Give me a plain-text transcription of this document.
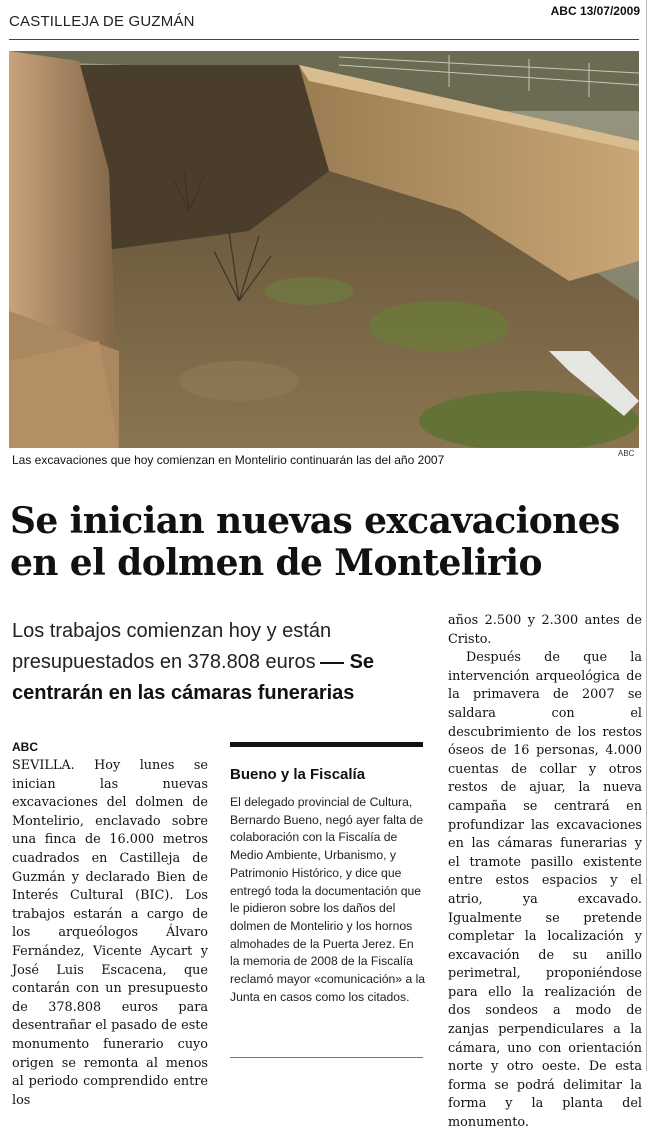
CASTILLEJA DE GUZMÁN
ABC 13/07/2009
Las excavaciones que hoy comienzan en Montelirio continuarán las del año 2007	ABC
Se inician nuevas excavaciones
en el dolmen de Montelirio
Los trabajos comienzan hoy y están presupuestados en 378.808 euros Se centrarán en las cámaras funerarias
ABC
SEVILLA. Hoy lunes se inician las nuevas excavaciones del dolmen de Montelirio, enclavado sobre una finca de 16.000 metros cuadrados en Castilleja de Guzmán y declarado Bien de Interés Cultural (BIC). Los trabajos estarán a cargo de los arqueólogos Álvaro Fernández, Vicente Aycart y José Luis Escacena, que contarán con un presupuesto de 378.808 euros para desentrañar el pasado de este monumento funerario cuyo origen se remonta al menos al periodo comprendido entre los
Bueno y la Fiscalía
El delegado provincial de Cultura, Bernardo Bueno, negó ayer falta de colaboración con la Fiscalía de Medio Ambiente, Urbanismo, y Patrimonio Histórico, y dice que entregó toda la documentación que le pidieron sobre los daños del dolmen de Montelirio y los hornos almohades de la Puerta Jerez. En la memoria de 2008 de la Fiscalía reclamó mayor «comunicación» a la Junta en casos como los citados.

años 2.500 y 2.300 antes de Cristo.

Después de que la intervención arqueológica de la primavera de 2007 se saldara con el descubrimiento de los restos óseos de 16 personas, 4.000 cuentas de collar y otros restos de ajuar, la nueva campaña se centrará en profundizar las excavaciones en las cámaras funerarias y el tramote pasillo existente entre estos espacios y el atrio, ya excavado. Igualmente se pretende completar la localización y excavación de su anillo perimetral, proponiéndose para ello la realización de dos sondeos a modo de zanjas perpendiculares a la cámara, uno con orientación norte y otro oeste. De esta forma se podrá delimitar la forma y la planta del monumento.
